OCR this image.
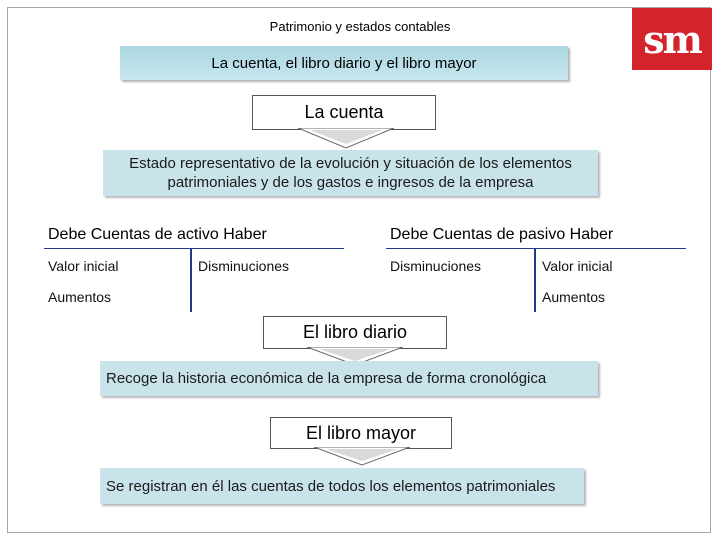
Patrimonio y estados contables	sm
La cuenta, el libro diario y el libro mayor
La cuenta
Estado representativo de la evolución y situación de los elementos patrimoniales y de los gastos e ingresos de la empresa
Debe Cuentas de activo Haber
Valor inicial
Aumentos
Disminuciones
Debe Cuentas de pasivo Haber
Disminuciones	Valor inicial
Aumentos
El libro diario
Recoge la historia económica de la empresa de forma cronológica
El libro mayor
Se registran en él las cuentas de todos los elementos patrimoniales
